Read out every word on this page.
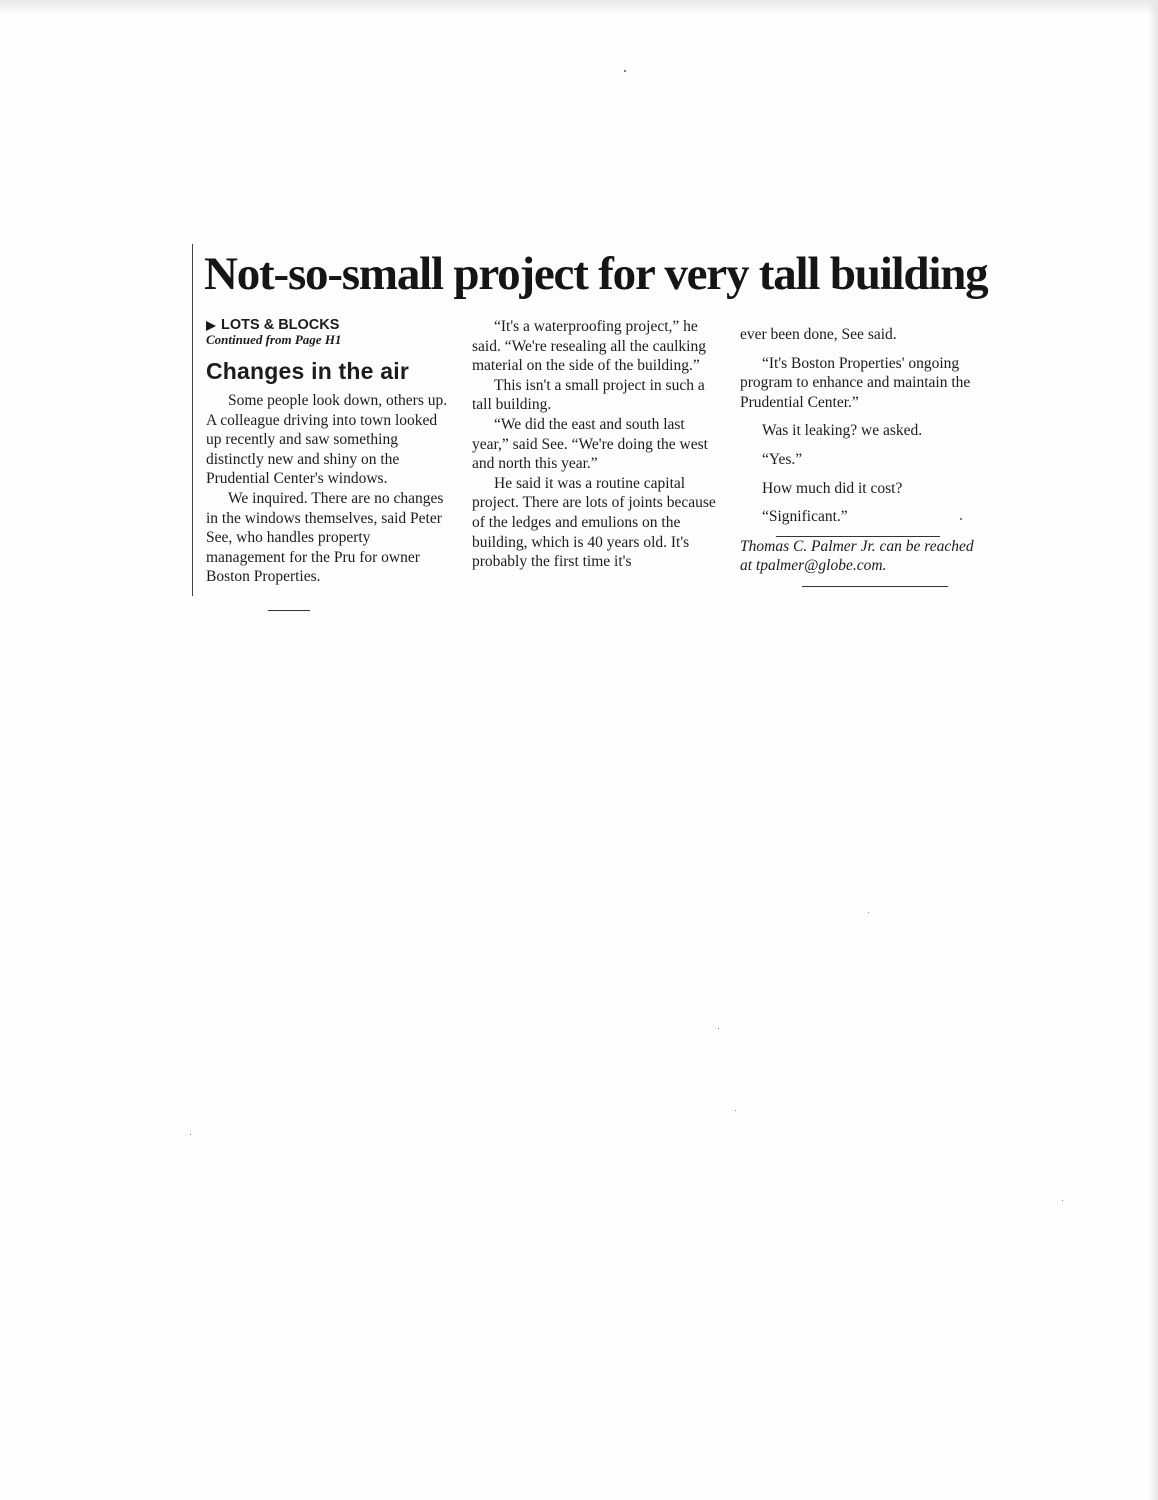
Not-so-small project for very tall building
LOTS & BLOCKS
Continued from Page H1
Changes in the air

Some people look down, others up. A colleague driving into town looked up recently and saw something distinctly new and shiny on the Prudential Center's windows.

We inquired. There are no changes in the windows themselves, said Peter See, who handles property management for the Pru for owner Boston Properties.

“It's a waterproofing project,” he said. “We're resealing all the caulking material on the side of the building.”

This isn't a small project in such a tall building.

“We did the east and south last year,” said See. “We're doing the west and north this year.”

He said it was a routine capital project. There are lots of joints because of the ledges and emulions on the building, which is 40 years old. It's probably the first time it's

ever been done, See said.

“It's Boston Properties' ongoing program to enhance and maintain the Prudential Center.”

Was it leaking? we asked.

“Yes.”

How much did it cost?

“Significant.”

Thomas C. Palmer Jr. can be reached at tpalmer@globe.com.
